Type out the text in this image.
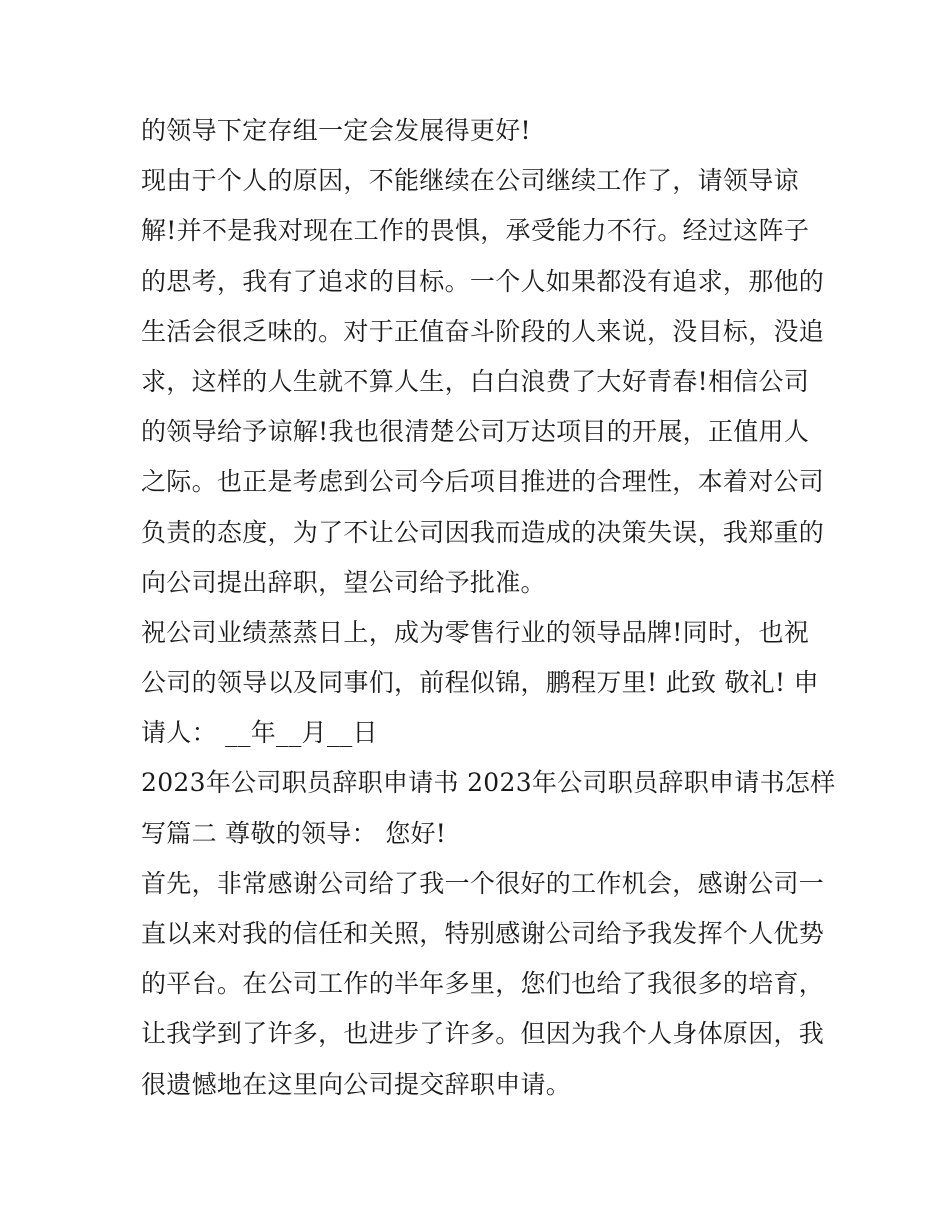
的领导下定存组一定会发展得更好!
现由于个人的原因，不能继续在公司继续工作了，请领导谅
解!并不是我对现在工作的畏惧，承受能力不行。经过这阵子
的思考，我有了追求的目标。一个人如果都没有追求，那他的
生活会很乏味的。对于正值奋斗阶段的人来说，没目标，没追
求，这样的人生就不算人生，白白浪费了大好青春!相信公司
的领导给予谅解!我也很清楚公司万达项目的开展，正值用人
之际。也正是考虑到公司今后项目推进的合理性，本着对公司
负责的态度，为了不让公司因我而造成的决策失误，我郑重的
向公司提出辞职，望公司给予批准。
祝公司业绩蒸蒸日上，成为零售行业的领导品牌!同时，也祝
公司的领导以及同事们，前程似锦，鹏程万里! 此致 敬礼! 申
请人： __年__月__日
2023年公司职员辞职申请书 2023年公司职员辞职申请书怎样
写篇二 尊敬的领导： 您好!
首先，非常感谢公司给了我一个很好的工作机会，感谢公司一
直以来对我的信任和关照，特别感谢公司给予我发挥个人优势
的平台。在公司工作的半年多里，您们也给了我很多的培育，
让我学到了许多，也进步了许多。但因为我个人身体原因，我
很遗憾地在这里向公司提交辞职申请。
